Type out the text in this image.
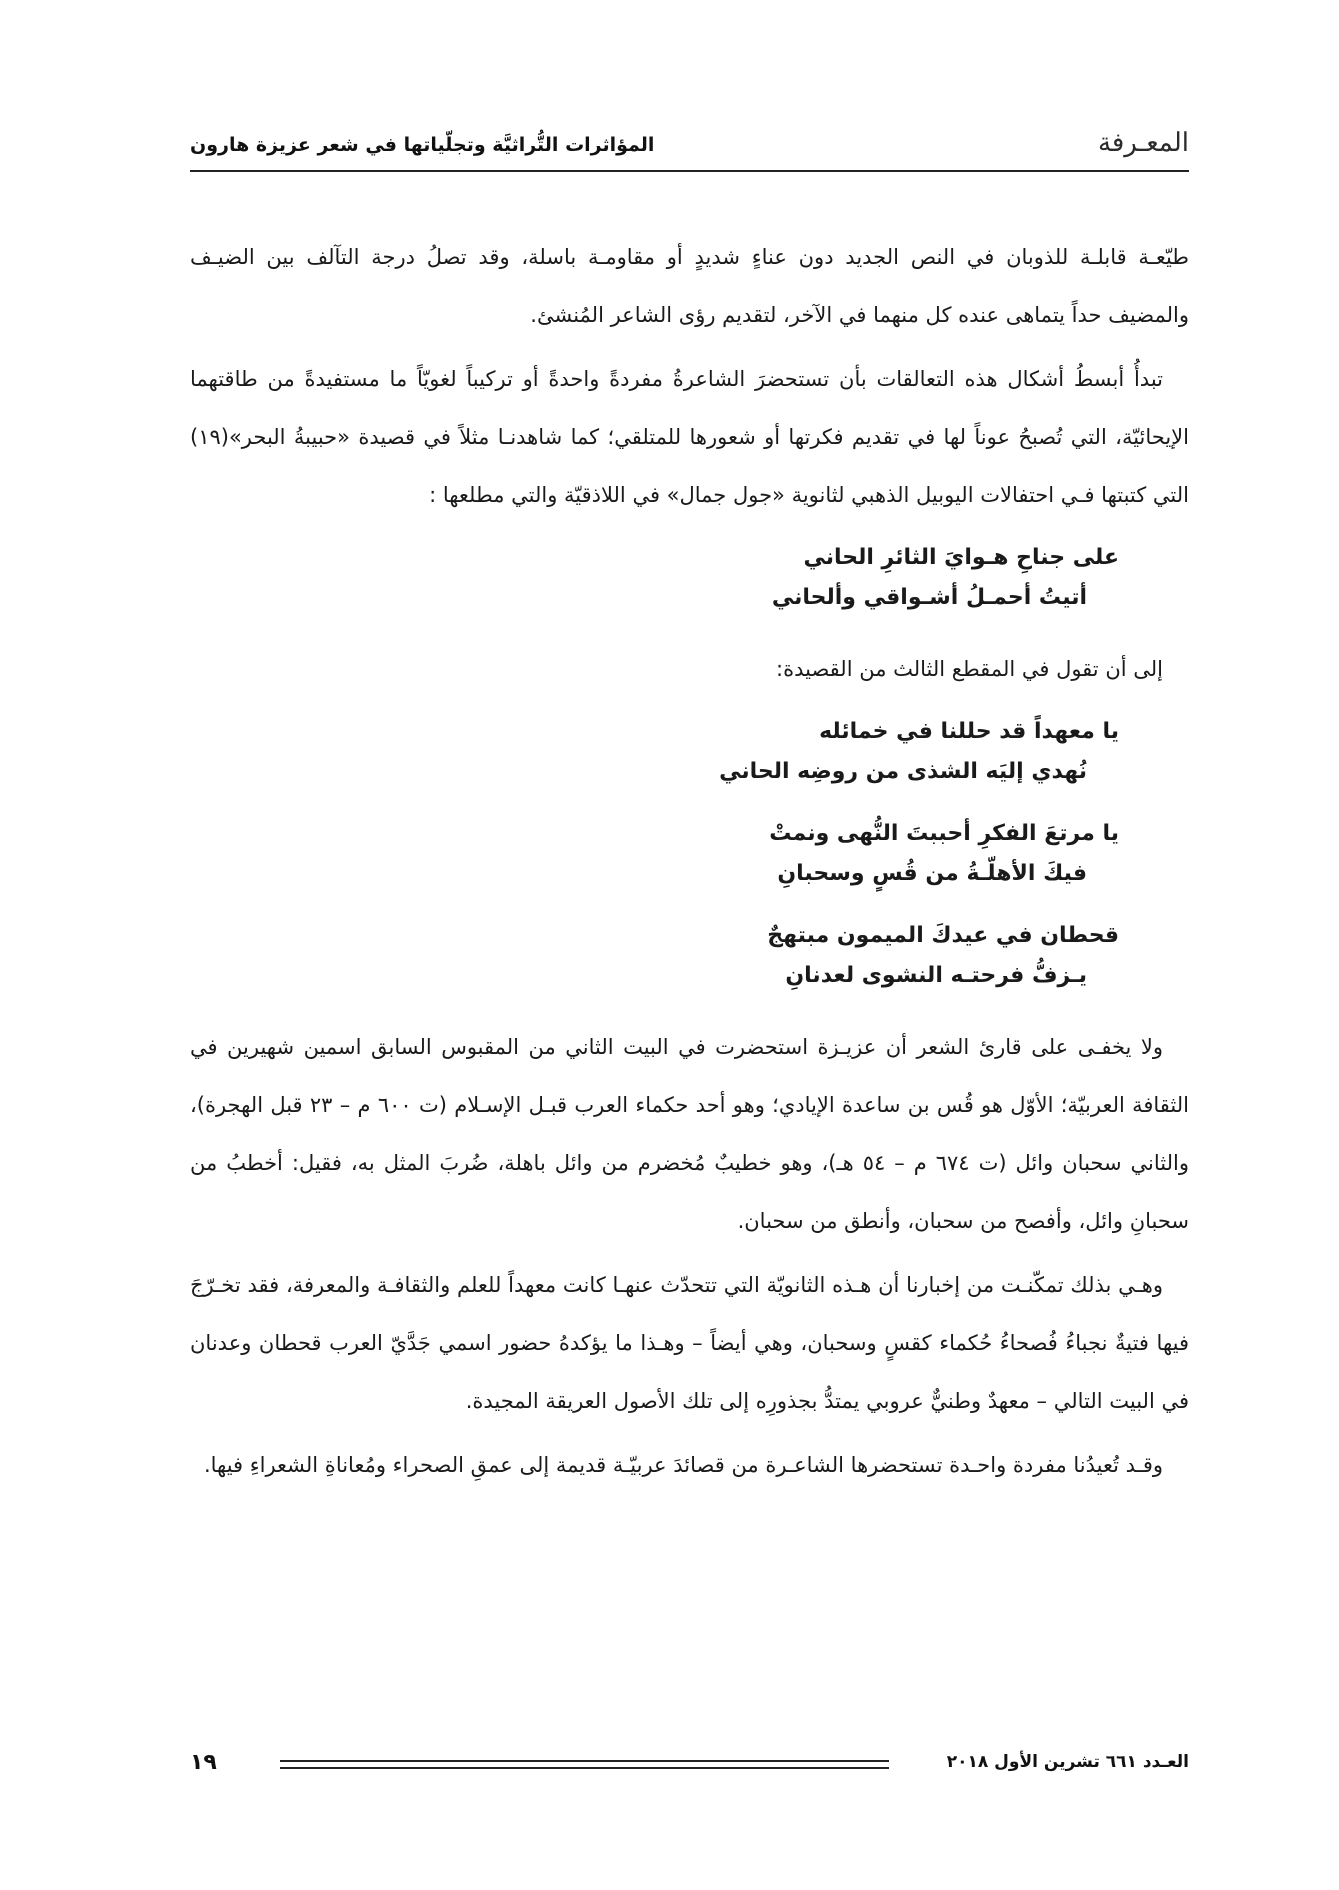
المعـرفة
المؤاثرات التُّراثيَّة وتجلّياتها في شعر عزيزة هارون

طيّعـة قابلـة للذوبان في النص الجديد دون عناءٍ شديدٍ أو مقاومـة باسلة، وقد تصلُ درجة التآلف بين الضيـف والمضيف حداً يتماهى عنده كل منهما في الآخر، لتقديم رؤى الشاعر المُنشئ.

تبدأُ أبسطُ أشكال هذه التعالقات بأن تستحضرَ الشاعرةُ مفردةً واحدةً أو تركيباً لغويّاً ما مستفيدةً من طاقتهما الإيحائيّة، التي تُصبحُ عوناً لها في تقديم فكرتها أو شعورها للمتلقي؛ كما شاهدنـا مثلاً في قصيدة «حبيبةُ البحر»(١٩) التي كتبتها فـي احتفالات اليوبيل الذهبي لثانوية «جول جمال» في اللاذقيّة والتي مطلعها :

على جناحِ هـوايَ الثائرِ الحاني
أتيتُ أحمـلُ أشـواقي وألحاني

إلى أن تقول في المقطع الثالث من القصيدة:

يا معهداً قد حللنا في خمائله
نُهدي إليَه الشذى من روضِه الحاني
يا مرتعَ الفكرِ أحببتَ النُّهى ونمتْ
فيكَ الأهلّـةُ من قُسٍ وسحبانِ
قحطان في عيدكَ الميمون مبتهجٌ
يـزفُّ فرحتـه النشوى لعدنانِ

ولا يخفـى على قارئ الشعر أن عزيـزة استحضرت في البيت الثاني من المقبوس السابق اسمين شهيرين في الثقافة العربيّة؛ الأوّل هو قُس بن ساعدة الإيادي؛ وهو أحد حكماء العرب قبـل الإسـلام (ت ٦٠٠ م – ٢٣ قبل الهجرة)، والثاني سحبان وائل (ت ٦٧٤ م – ٥٤ هـ)، وهو خطيبٌ مُخضرم من وائل باهلة، ضُربَ المثل به، فقيل: أخطبُ من سحبانِ وائل، وأفصح من سحبان، وأنطق من سحبان.

وهـي بذلك تمكّنـت من إخبارنا أن هـذه الثانويّة التي تتحدّث عنهـا كانت معهداً للعلم والثقافـة والمعرفة، فقد تخـرّجَ فيها فتيةٌ نجباءُ فُصحاءُ حُكماء كقسٍ وسحبان، وهي أيضاً – وهـذا ما يؤكدهُ حضور اسمي جَدَّيّ العرب قحطان وعدنان في البيت التالي – معهدٌ وطنيٌّ عروبي يمتدُّ بجذورِه إلى تلك الأصول العريقة المجيدة.

وقـد تُعيدُنا مفردة واحـدة تستحضرها الشاعـرة من قصائدَ عربيّـة قديمة إلى عمقِ الصحراء ومُعاناةِ الشعراءِ فيها.

العـدد ٦٦١ تشرين الأول ٢٠١٨
١٩
